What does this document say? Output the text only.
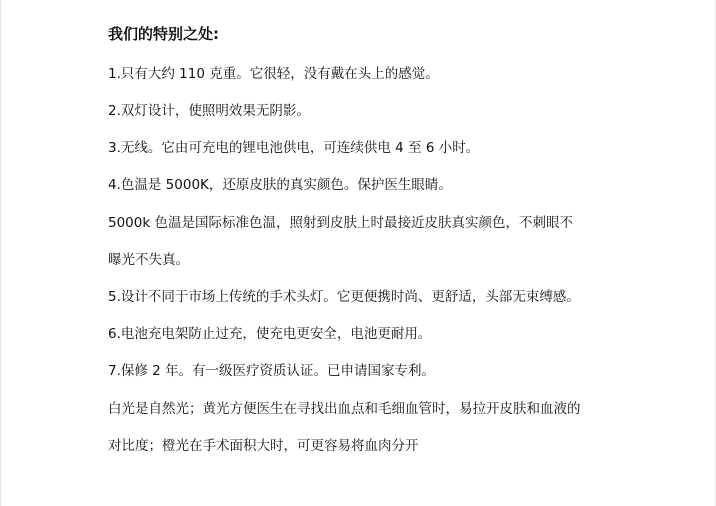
我们的特别之处:
1.只有大约 110 克重。它很轻，没有戴在头上的感觉。
2.双灯设计，使照明效果无阴影。
3.无线。它由可充电的锂电池供电，可连续供电 4 至 6 小时。
4.色温是 5000K，还原皮肤的真实颜色。保护医生眼睛。
5000k 色温是国际标准色温，照射到皮肤上时最接近皮肤真实颜色，不刺眼不
曝光不失真。
5.设计不同于市场上传统的手术头灯。它更便携时尚、更舒适，头部无束缚感。
6.电池充电架防止过充，使充电更安全，电池更耐用。
7.保修 2 年。有一级医疗资质认证。已申请国家专利。
白光是自然光；黄光方便医生在寻找出血点和毛细血管时，易拉开皮肤和血液的
对比度；橙光在手术面积大时，可更容易将血肉分开
